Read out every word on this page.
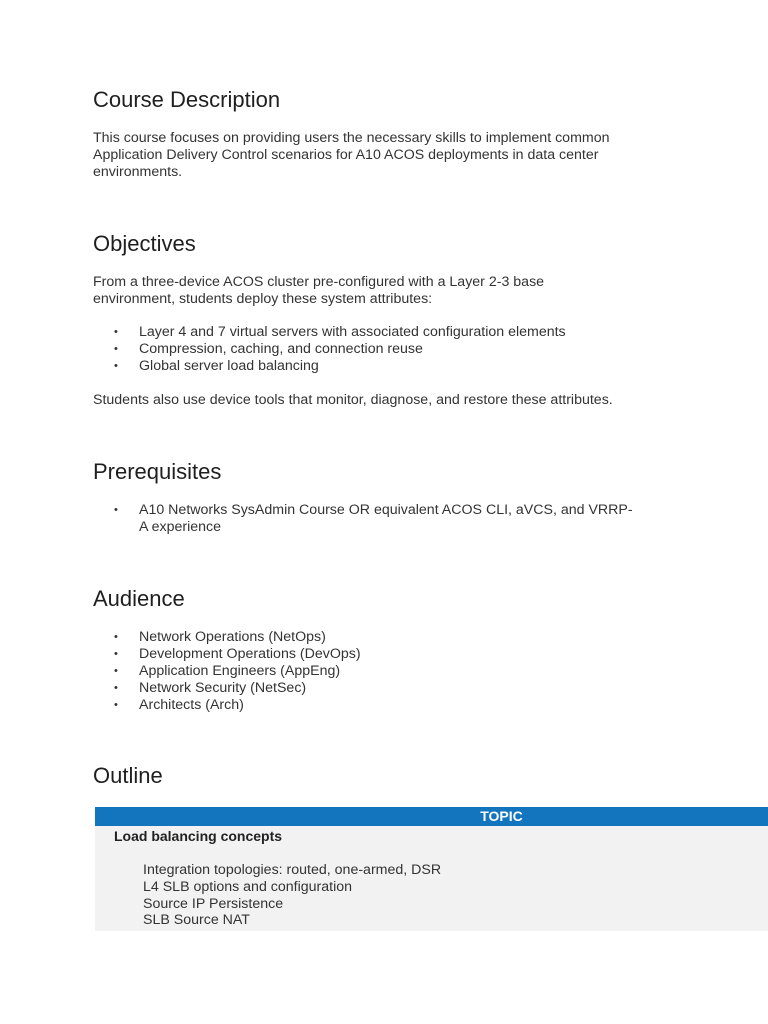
Course Description

This course focuses on providing users the necessary skills to implement common Application Delivery Control scenarios for A10 ACOS deployments in data center environments.

Objectives

From a three-device ACOS cluster pre-configured with a Layer 2-3 base environment, students deploy these system attributes:

• Layer 4 and 7 virtual servers with associated configuration elements
• Compression, caching, and connection reuse
• Global server load balancing

Students also use device tools that monitor, diagnose, and restore these attributes.

Prerequisites
• A10 Networks SysAdmin Course OR equivalent ACOS CLI, aVCS, and VRRP-A experience
Audience
• Network Operations (NetOps)
• Development Operations (DevOps)
• Application Engineers (AppEng)
• Network Security (NetSec)
• Architects (Arch)
Outline
TOPIC

Load balancing concepts
Integration topologies: routed, one-armed, DSR
L4 SLB options and configuration
Source IP Persistence
SLB Source NAT
